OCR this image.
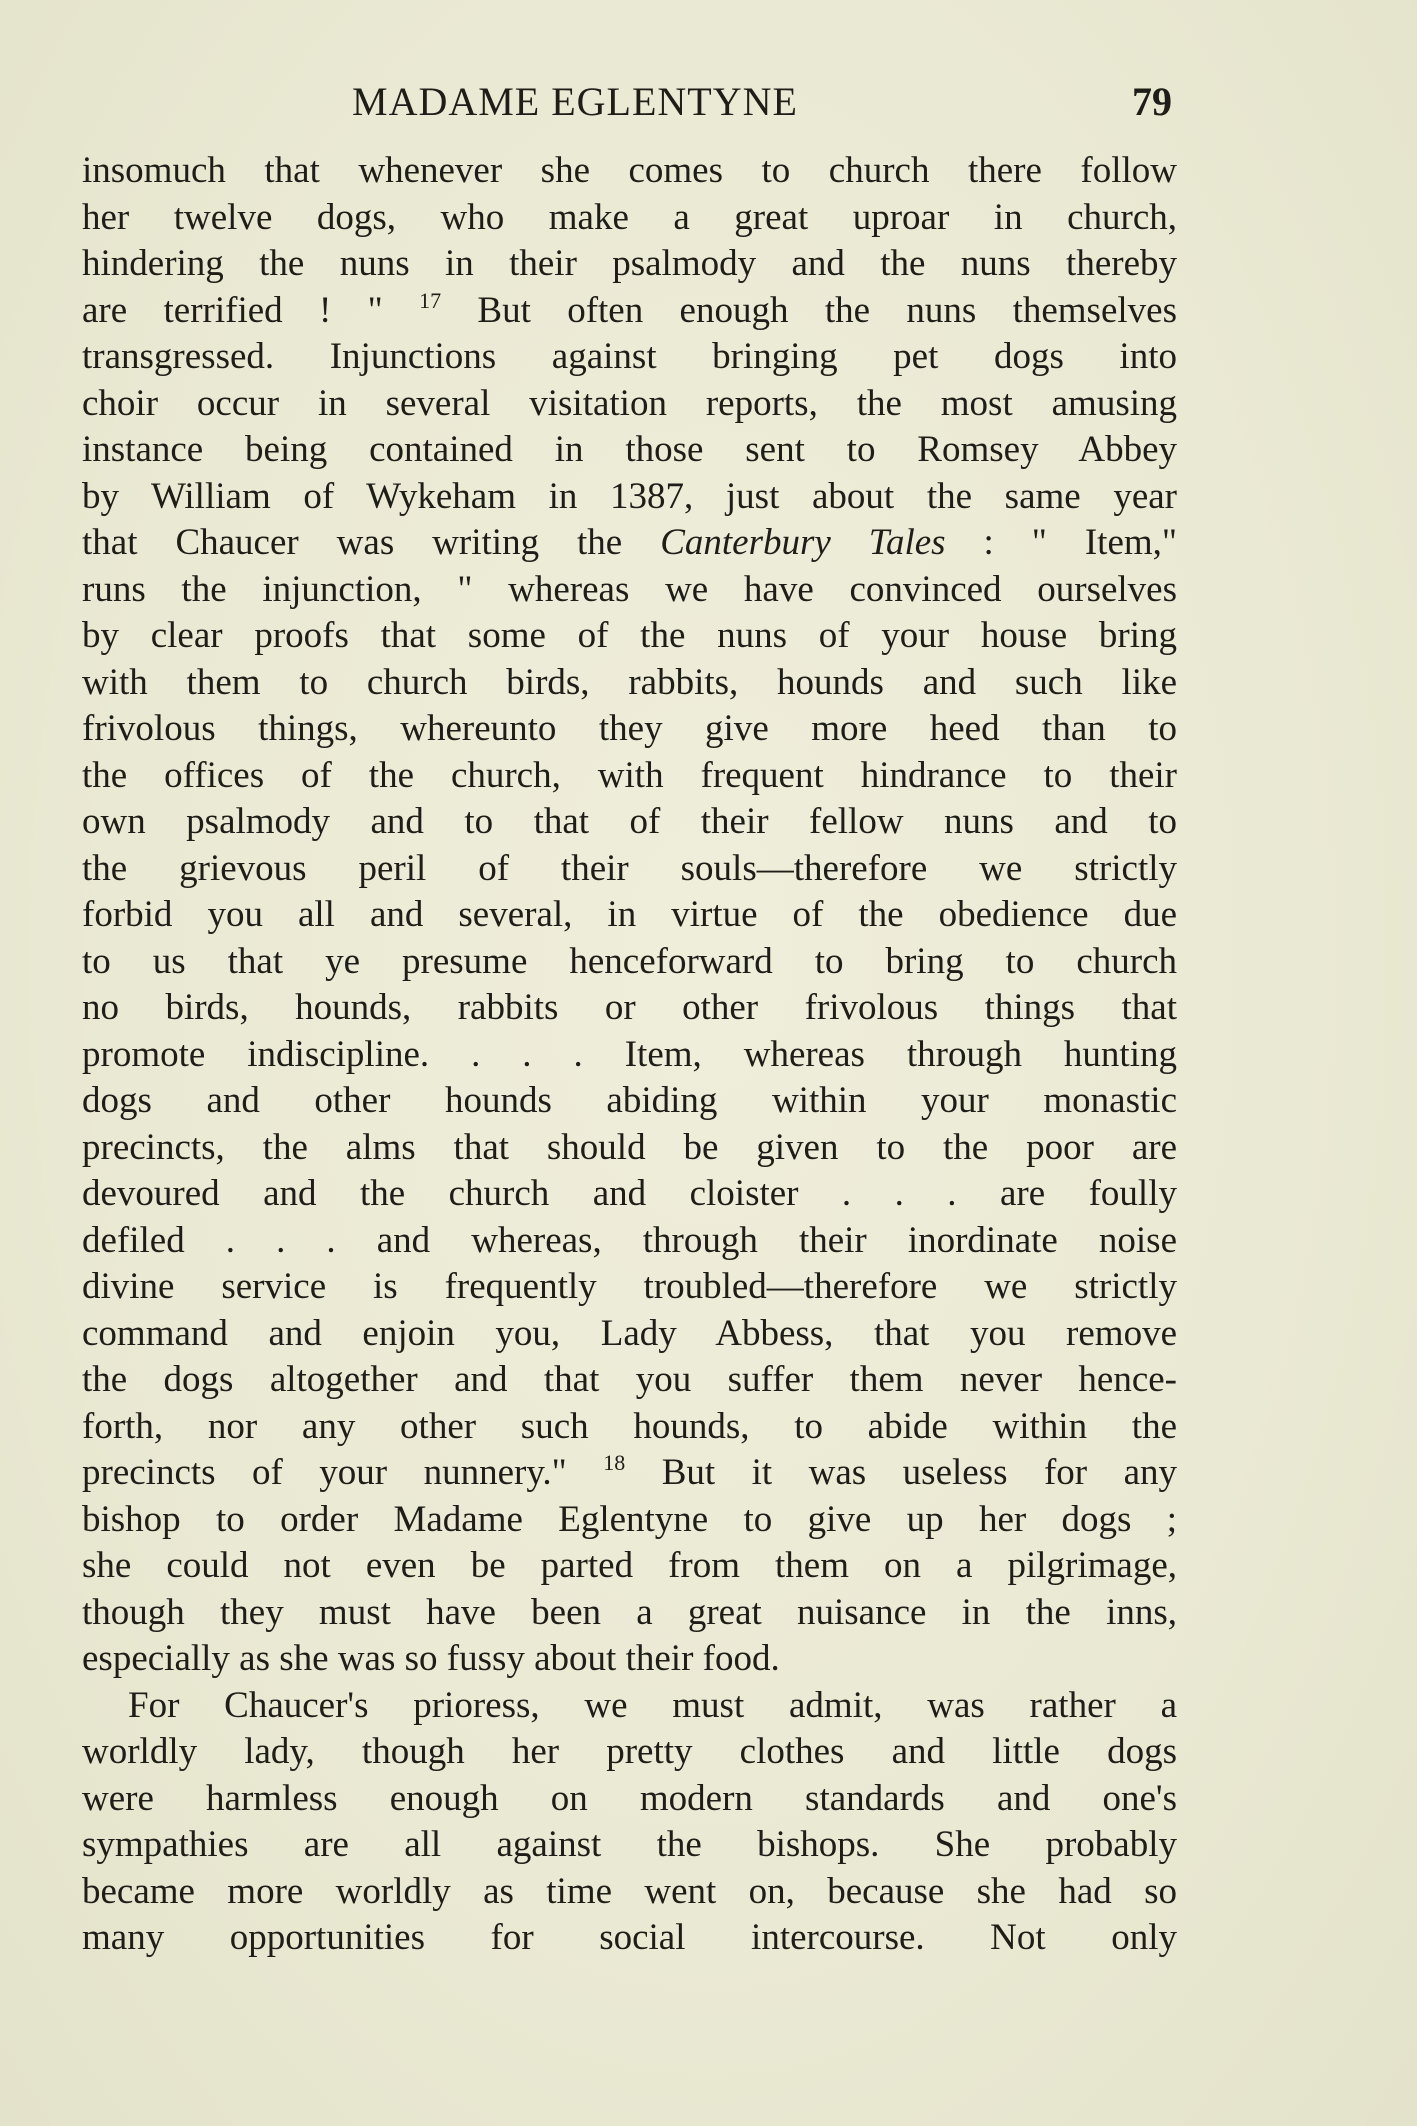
MADAME EGLENTYNE	79
insomuch that whenever she comes to church there follow
her twelve dogs, who make a great uproar in church,
hindering the nuns in their psalmody and the nuns thereby
are terrified ! " $^{17}$ But often enough the nuns themselves
transgressed. Injunctions against bringing pet dogs into
choir occur in several visitation reports, the most amusing
instance being contained in those sent to Romsey Abbey
by William of Wykeham in 1387, just about the same year
that Chaucer was writing the Canterbury Tales : " Item,"
runs the injunction, " whereas we have convinced ourselves
by clear proofs that some of the nuns of your house bring
with them to church birds, rabbits, hounds and such like
frivolous things, whereunto they give more heed than to
the offices of the church, with frequent hindrance to their
own psalmody and to that of their fellow nuns and to
the grievous peril of their souls—therefore we strictly
forbid you all and several, in virtue of the obedience due
to us that ye presume henceforward to bring to church
no birds, hounds, rabbits or other frivolous things that
promote indiscipline. . . . Item, whereas through hunting
dogs and other hounds abiding within your monastic
precincts, the alms that should be given to the poor are
devoured and the church and cloister . . . are foully
defiled . . . and whereas, through their inordinate noise
divine service is frequently troubled—therefore we strictly
command and enjoin you, Lady Abbess, that you remove
the dogs altogether and that you suffer them never hence-
forth, nor any other such hounds, to abide within the
precincts of your nunnery." $^{18}$ But it was useless for any
bishop to order Madame Eglentyne to give up her dogs ;
she could not even be parted from them on a pilgrimage,
though they must have been a great nuisance in the inns,
especially as she was so fussy about their food.
For Chaucer's prioress, we must admit, was rather a
worldly lady, though her pretty clothes and little dogs
were harmless enough on modern standards and one's
sympathies are all against the bishops. She probably
became more worldly as time went on, because she had so
many opportunities for social intercourse. Not only
